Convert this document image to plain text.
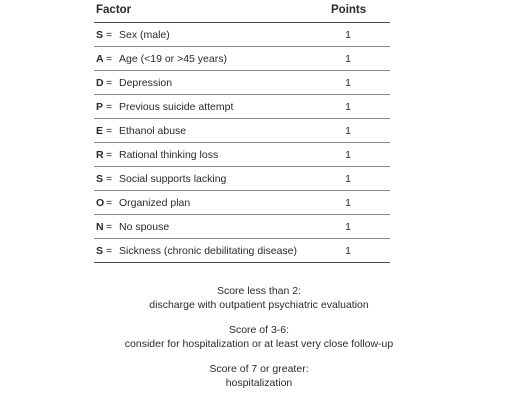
Factor	Points
S = Sex (male)	1
A = Age (<19 or >45 years)	1
D = Depression	1
P = Previous suicide attempt	1
E = Ethanol abuse	1
R = Rational thinking loss	1
S = Social supports lacking	1
O = Organized plan	1
N = No spouse	1
S = Sickness (chronic debilitating disease)	1
Score less than 2:
discharge with outpatient psychiatric evaluation
Score of 3-6:
consider for hospitalization or at least very close follow-up
Score of 7 or greater:
hospitalization
